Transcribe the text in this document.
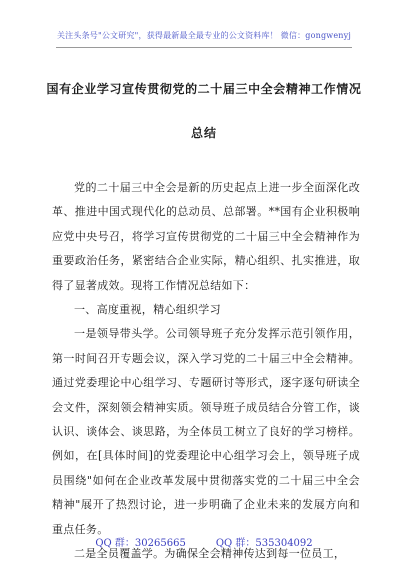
关注头条号"公文研究"，获得最新最全最专业的公文资料库！ 微信：gongwenyj
国有企业学习宣传贯彻党的二十届三中全会精神工作情况
总结

党的二十届三中全会是新的历史起点上进一步全面深化改革、推进中国式现代化的总动员、总部署。**国有企业积极响应党中央号召，将学习宣传贯彻党的二十届三中全会精神作为重要政治任务，紧密结合企业实际，精心组织、扎实推进，取得了显著成效。现将工作情况总结如下：

一、高度重视，精心组织学习

一是领导带头学。公司领导班子充分发挥示范引领作用，第一时间召开专题会议，深入学习党的二十届三中全会精神。通过党委理论中心组学习、专题研讨等形式，逐字逐句研读全会文件，深刻领会精神实质。领导班子成员结合分管工作，谈认识、谈体会、谈思路，为全体员工树立了良好的学习榜样。例如，在[具体时间]的党委理论中心组学习会上，领导班子成员围绕"如何在企业改革发展中贯彻落实党的二十届三中全会精神"展开了热烈讨论，进一步明确了企业未来的发展方向和重点任务。

二是全员覆盖学。为确保全会精神传达到每一位员工，

QQ 群：30265665	QQ 群：535304092
